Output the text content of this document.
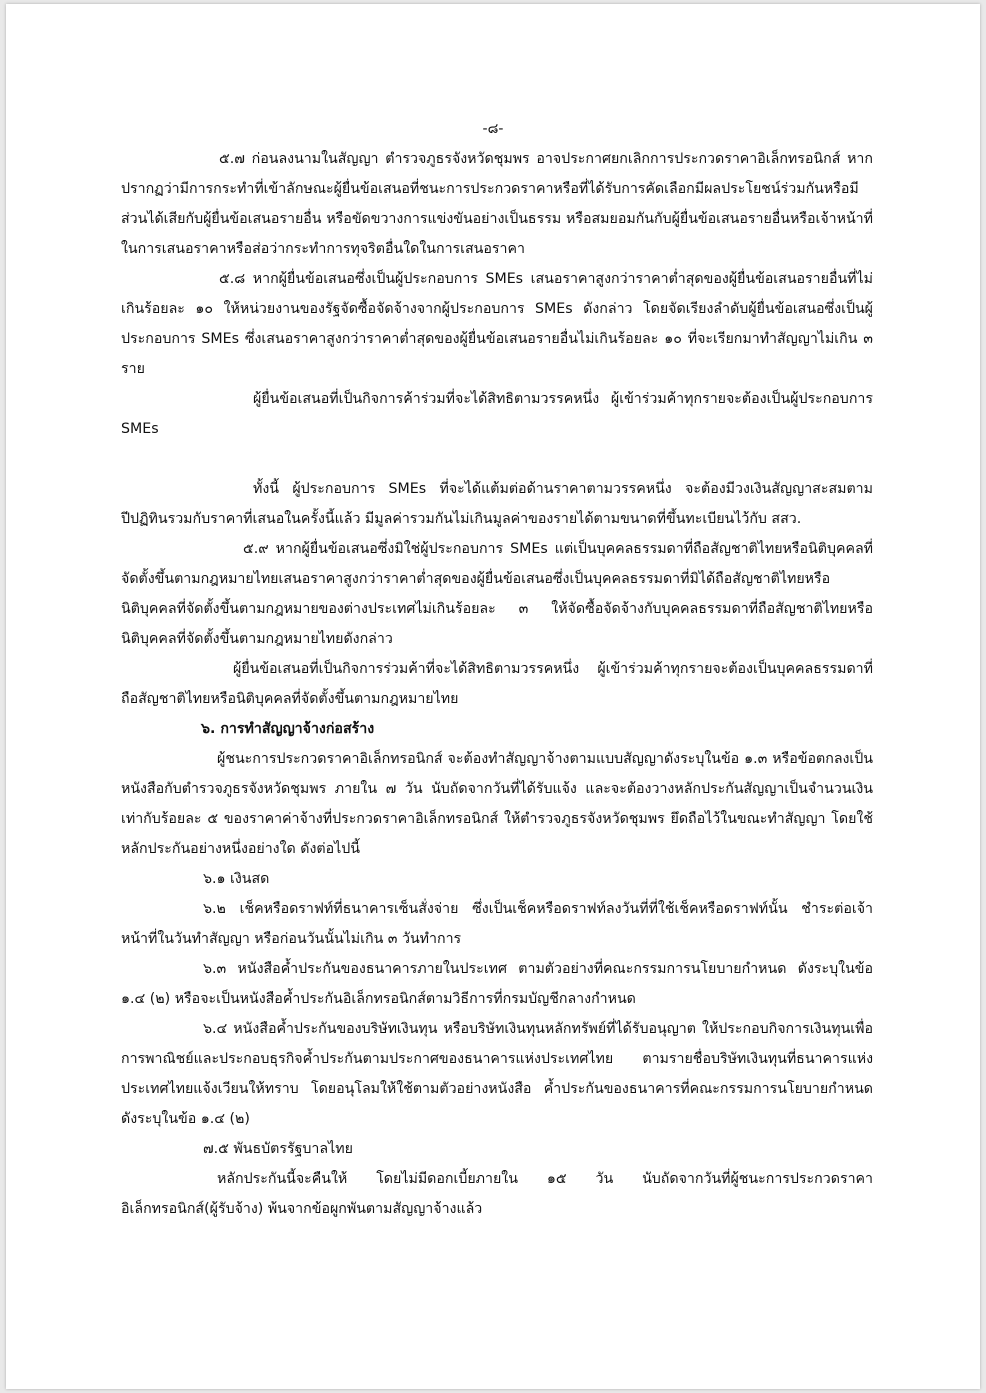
-๘-

๕.๗ ก่อนลงนามในสัญญา ตำรวจภูธรจังหวัดชุมพร อาจประกาศยกเลิกการประกวดราคาอิเล็กทรอนิกส์ หากปรากฏว่ามีการกระทำที่เข้าลักษณะผู้ยื่นข้อเสนอที่ชนะการประกวดราคาหรือที่ได้รับการคัดเลือกมีผลประโยชน์ร่วมกันหรือมีส่วนได้เสียกับผู้ยื่นข้อเสนอรายอื่น หรือขัดขวางการแข่งขันอย่างเป็นธรรม หรือสมยอมกันกับผู้ยื่นข้อเสนอรายอื่นหรือเจ้าหน้าที่ในการเสนอราคาหรือส่อว่ากระทำการทุจริตอื่นใดในการเสนอราคา

๕.๘ หากผู้ยื่นข้อเสนอซึ่งเป็นผู้ประกอบการ SMEs เสนอราคาสูงกว่าราคาต่ำสุดของผู้ยื่นข้อเสนอรายอื่นที่ไม่เกินร้อยละ ๑๐ ให้หน่วยงานของรัฐจัดซื้อจัดจ้างจากผู้ประกอบการ SMEs ดังกล่าว โดยจัดเรียงลำดับผู้ยื่นข้อเสนอซึ่งเป็นผู้ประกอบการ SMEs ซึ่งเสนอราคาสูงกว่าราคาต่ำสุดของผู้ยื่นข้อเสนอรายอื่นไม่เกินร้อยละ ๑๐ ที่จะเรียกมาทำสัญญาไม่เกิน ๓ ราย

ผู้ยื่นข้อเสนอที่เป็นกิจการค้าร่วมที่จะได้สิทธิตามวรรคหนึ่ง ผู้เข้าร่วมค้าทุกรายจะต้องเป็นผู้ประกอบการ SMEs

ทั้งนี้ ผู้ประกอบการ SMEs ที่จะได้แต้มต่อด้านราคาตามวรรคหนึ่ง จะต้องมีวงเงินสัญญาสะสมตามปีปฏิทินรวมกับราคาที่เสนอในครั้งนี้แล้ว มีมูลค่ารวมกันไม่เกินมูลค่าของรายได้ตามขนาดที่ขึ้นทะเบียนไว้กับ สสว.

๕.๙ หากผู้ยื่นข้อเสนอซึ่งมิใช่ผู้ประกอบการ SMEs แต่เป็นบุคคลธรรมดาที่ถือสัญชาติไทยหรือนิติบุคคลที่จัดตั้งขึ้นตามกฎหมายไทยเสนอราคาสูงกว่าราคาต่ำสุดของผู้ยื่นข้อเสนอซึ่งเป็นบุคคลธรรมดาที่มิได้ถือสัญชาติไทยหรือนิติบุคคลที่จัดตั้งขึ้นตามกฎหมายของต่างประเทศไม่เกินร้อยละ ๓ ให้จัดซื้อจัดจ้างกับบุคคลธรรมดาที่ถือสัญชาติไทยหรือนิติบุคคลที่จัดตั้งขึ้นตามกฎหมายไทยดังกล่าว

ผู้ยื่นข้อเสนอที่เป็นกิจการร่วมค้าที่จะได้สิทธิตามวรรคหนึ่ง ผู้เข้าร่วมค้าทุกรายจะต้องเป็นบุคคลธรรมดาที่ถือสัญชาติไทยหรือนิติบุคคลที่จัดตั้งขึ้นตามกฎหมายไทย

๖. การทำสัญญาจ้างก่อสร้าง

ผู้ชนะการประกวดราคาอิเล็กทรอนิกส์ จะต้องทำสัญญาจ้างตามแบบสัญญาดังระบุในข้อ ๑.๓ หรือข้อตกลงเป็นหนังสือกับตำรวจภูธรจังหวัดชุมพร ภายใน ๗ วัน นับถัดจากวันที่ได้รับแจ้ง และจะต้องวางหลักประกันสัญญาเป็นจำนวนเงินเท่ากับร้อยละ ๕ ของราคาค่าจ้างที่ประกวดราคาอิเล็กทรอนิกส์ ให้ตำรวจภูธรจังหวัดชุมพร ยึดถือไว้ในขณะทำสัญญา โดยใช้หลักประกันอย่างหนึ่งอย่างใด ดังต่อไปนี้

๖.๑ เงินสด

๖.๒ เช็คหรือดราฟท์ที่ธนาคารเซ็นสั่งจ่าย ซึ่งเป็นเช็คหรือดราฟท์ลงวันที่ที่ใช้เช็คหรือดราฟท์นั้น ชำระต่อเจ้าหน้าที่ในวันทำสัญญา หรือก่อนวันนั้นไม่เกิน ๓ วันทำการ

๖.๓ หนังสือค้ำประกันของธนาคารภายในประเทศ ตามตัวอย่างที่คณะกรรมการนโยบายกำหนด ดังระบุในข้อ ๑.๔ (๒) หรือจะเป็นหนังสือค้ำประกันอิเล็กทรอนิกส์ตามวิธีการที่กรมบัญชีกลางกำหนด

๖.๔ หนังสือค้ำประกันของบริษัทเงินทุน หรือบริษัทเงินทุนหลักทรัพย์ที่ได้รับอนุญาต ให้ประกอบกิจการเงินทุนเพื่อการพาณิชย์และประกอบธุรกิจค้ำประกันตามประกาศของธนาคารแห่งประเทศไทย ตามรายชื่อบริษัทเงินทุนที่ธนาคารแห่งประเทศไทยแจ้งเวียนให้ทราบ โดยอนุโลมให้ใช้ตามตัวอย่างหนังสือ ค้ำประกันของธนาคารที่คณะกรรมการนโยบายกำหนด ดังระบุในข้อ ๑.๔ (๒)

๗.๕ พันธบัตรรัฐบาลไทย

หลักประกันนี้จะคืนให้ โดยไม่มีดอกเบี้ยภายใน ๑๕ วัน นับถัดจากวันที่ผู้ชนะการประกวดราคาอิเล็กทรอนิกส์(ผู้รับจ้าง) พ้นจากข้อผูกพันตามสัญญาจ้างแล้ว
